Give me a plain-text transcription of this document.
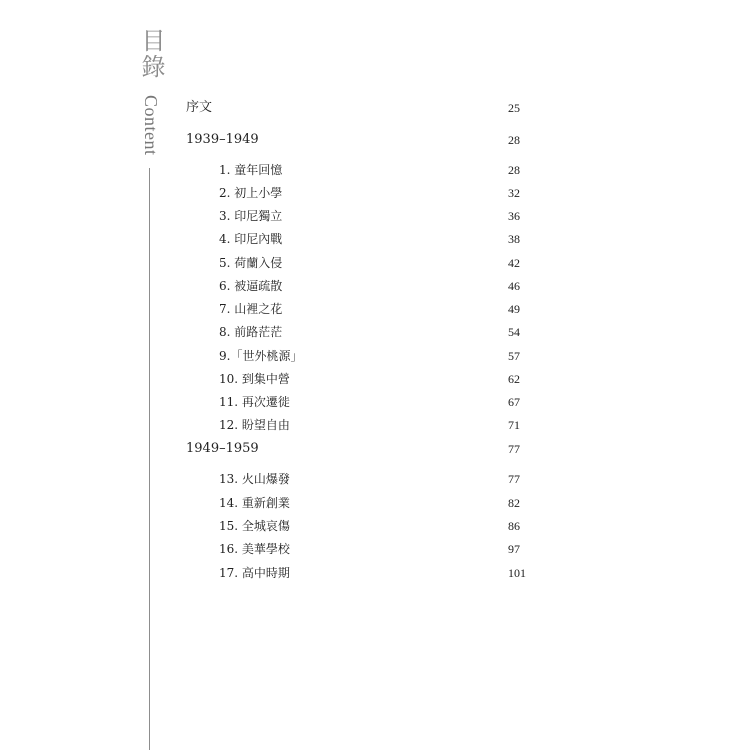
目錄
Content 序文	25
1939–1949	28
1. 童年回憶	28
2. 初上小學	32
3. 印尼獨立	36
4. 印尼內戰	38
5. 荷蘭入侵	42
6. 被逼疏散	46
7. 山裡之花	49
8. 前路茫茫	54
9.「世外桃源」	57
10. 到集中營	62
11. 再次遷徙	67
12. 盼望自由	71
1949–1959	77
13. 火山爆發	77
14. 重新創業	82
15. 全城哀傷	86
16. 美華學校	97
17. 高中時期	101
